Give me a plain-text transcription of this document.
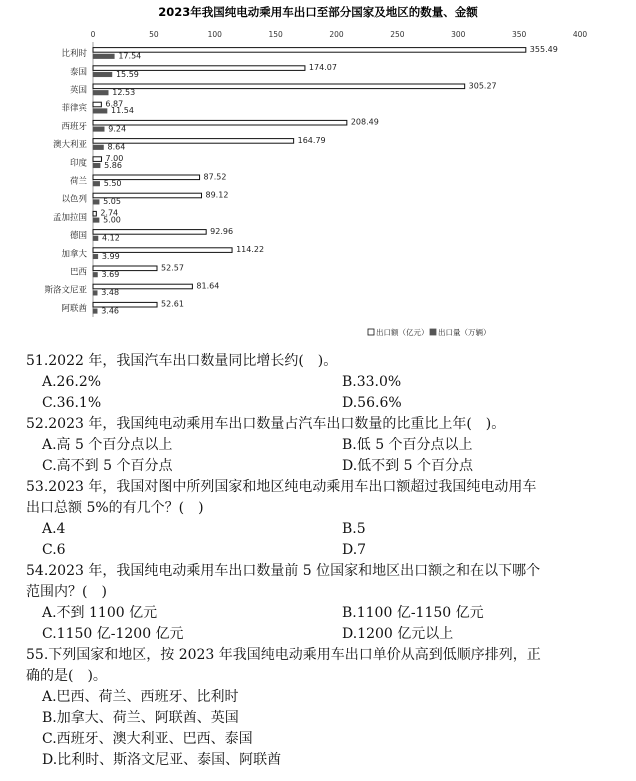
2023年我国纯电动乘用车出口至部分国家及地区的数量、金额
0	50	100	150	200	250	300	350	400
比利时
泰国
英国
菲律宾
西班牙
澳大利亚
印度
荷兰
以色列
孟加拉国
德国
加拿大
巴西
斯洛文尼亚
阿联酋
355.49
17.54
174.07
15.59
305.27
12.53
6.87
11.54
208.49
9.24
164.79
8.64
7.00
5.86
87.52
5.50
89.12
5.05
2.74
5.00
92.96
4.12
114.22
3.99
52.57
3.69
81.64
3.48
52.61
3.46
出口额（亿元） 出口量（万辆）
51.2022 年，我国汽车出口数量同比增长约(　)。
A.26.2%	B.33.0%
C.36.1%	D.56.6%
52.2023 年，我国纯电动乘用车出口数量占汽车出口数量的比重比上年(　)。
A.高 5 个百分点以上	B.低 5 个百分点以上
C.高不到 5 个百分点	D.低不到 5 个百分点
53.2023 年，我国对图中所列国家和地区纯电动乘用车出口额超过我国纯电动用车
出口总额 5%的有几个？(　)
A.4	B.5
C.6	D.7
54.2023 年，我国纯电动乘用车出口数量前 5 位国家和地区出口额之和在以下哪个
范围内？(　)
A.不到 1100 亿元	B.1100 亿-1150 亿元
C.1150 亿-1200 亿元	D.1200 亿元以上
55.下列国家和地区，按 2023 年我国纯电动乘用车出口单价从高到低顺序排列，正
确的是(　)。
A.巴西、荷兰、西班牙、比利时
B.加拿大、荷兰、阿联酋、英国
C.西班牙、澳大利亚、巴西、泰国
D.比利时、斯洛文尼亚、泰国、阿联酋
